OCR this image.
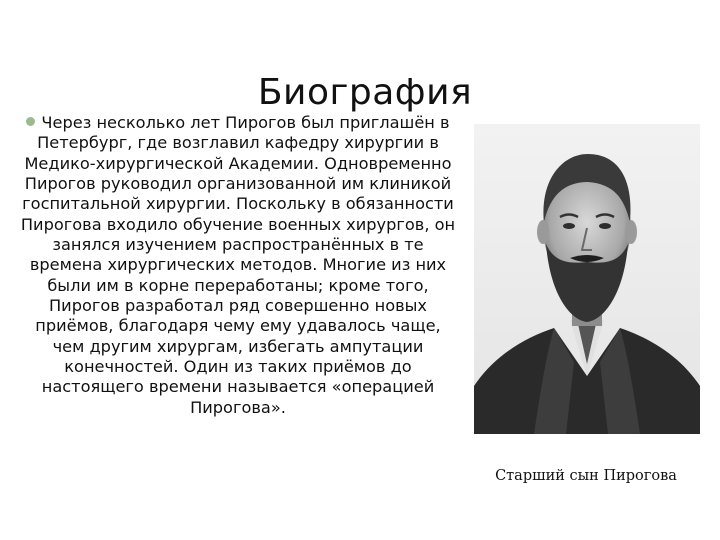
Биография
Через несколько лет Пирогов был приглашён в Петербург, где возглавил кафедру хирургии в Медико-хирургической Академии. Одновременно Пирогов руководил организованной им клиникой госпитальной хирургии. Поскольку в обязанности Пирогова входило обучение военных хирургов, он занялся изучением распространённых в те времена хирургических методов. Многие из них были им в корне переработаны; кроме того, Пирогов разработал ряд совершенно новых приёмов, благодаря чему ему удавалось чаще, чем другим хирургам, избегать ампутации конечностей. Один из таких приёмов до настоящего времени называется «операцией Пирогова».
Старший сын Пирогова
